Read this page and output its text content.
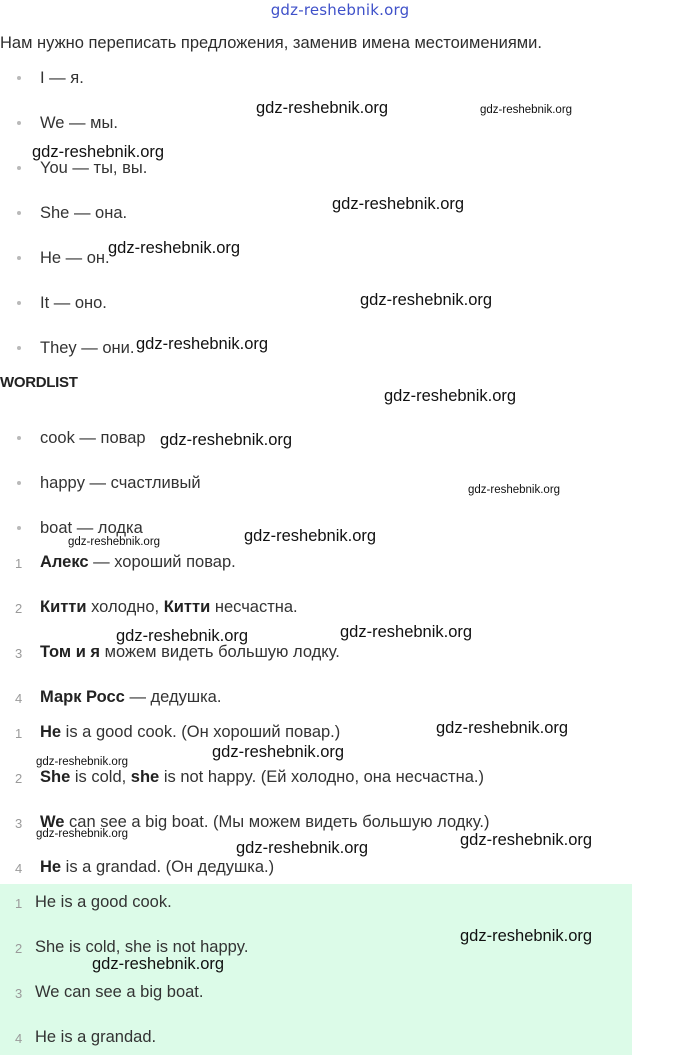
gdz-reshebnik.org
Нам нужно переписать предложения, заменив имена местоимениями.
I — я.
We — мы.
You — ты, вы.
She — она.
He — он.
It — оно.
They — они.
WORDLIST
cook — повар
happy — счастливый
boat — лодка
1 Алекс — хороший повар.
2 Китти холодно, Китти несчастна.
3 Том и я можем видеть большую лодку.
4 Марк Росс — дедушка.
1 He is a good cook. (Он хороший повар.)
2 She is cold, she is not happy. (Ей холодно, она несчастна.)
3 We can see a big boat. (Мы можем видеть большую лодку.)
4 He is a grandad. (Он дедушка.)
1 He is a good cook.
2 She is cold, she is not happy.
3 We can see a big boat.
4 He is a grandad.
gdz-reshebnik.org	gdz-reshebnik.org
gdz-reshebnik.org
gdz-reshebnik.org
gdz-reshebnik.org
gdz-reshebnik.org
gdz-reshebnik.org
gdz-reshebnik.org
gdz-reshebnik.org
gdz-reshebnik.org
gdz-reshebnik.org
gdz-reshebnik.org
gdz-reshebnik.org	gdz-reshebnik.org
gdz-reshebnik.org
gdz-reshebnik.org
gdz-reshebnik.org
gdz-reshebnik.org
gdz-reshebnik.org	gdz-reshebnik.org
gdz-reshebnik.org
gdz-reshebnik.org
